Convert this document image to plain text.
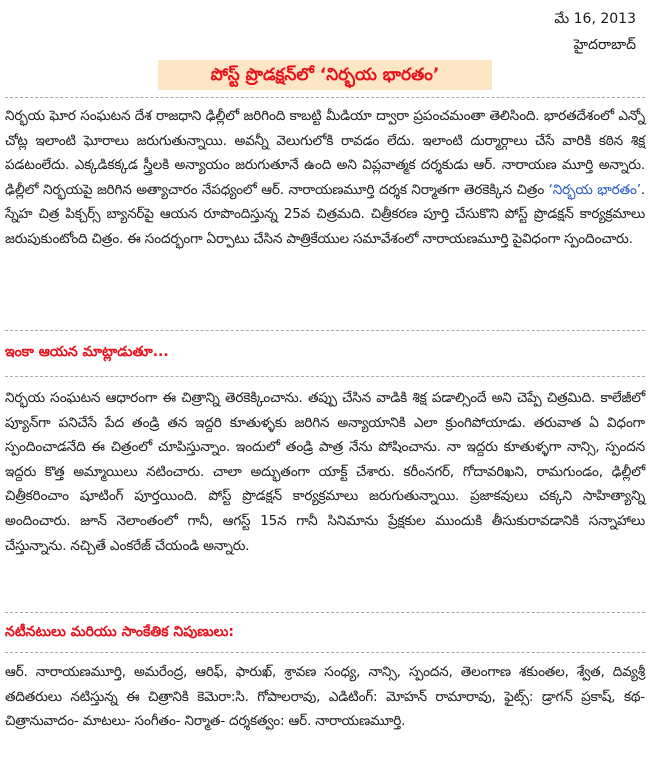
మే 16, 2013
హైదరాబాద్
పోస్ట్ ప్రొడక్షన్‌లో ‘నిర్భయ భారతం’

నిర్భయ ఘోర సంఘటన దేశ రాజధాని ఢిల్లీలో జరిగింది కాబట్టి మీడియా ద్వారా ప్రపంచమంతా తెలిసింది. భారతదేశంలో ఎన్నో చోట్ల ఇలాంటి ఘోరాలు జరుగుతున్నాయి. అవన్నీ వెలుగులోకి రావడం లేదు. ఇలాంటి దుర్మార్గాలు చేసే వారికి కఠిన శిక్ష పడటంలేదు. ఎక్కడికక్కడ స్త్రీలకి అన్యాయం జరుగుతూనే ఉంది అని విప్లవాత్మక దర్శకుడు ఆర్. నారాయణ మూర్తి అన్నారు. ఢిల్లీలో నిర్భయపై జరిగిన అత్యాచారం నేపధ్యంలో ఆర్. నారాయణమూర్తి దర్శక నిర్మాతగా తెరకెక్కిన చిత్రం ‘నిర్భయ భారతం’. స్నేహ చిత్ర పిక్చర్స్ బ్యానర్‌పై ఆయన రూపొందిస్తున్న 25వ చిత్రమది. చిత్రీకరణ పూర్తి చేసుకొని పోస్ట్ ప్రొడక్షన్ కార్యక్రమాలు జరుపుకుంటోంది చిత్రం. ఈ సందర్భంగా ఏర్పాటు చేసిన పాత్రికేయుల సమావేశంలో నారాయణమూర్తి పైవిధంగా స్పందించారు.

ఇంకా ఆయన మాట్లాడుతూ...

నిర్భయ సంఘటన ఆధారంగా ఈ చిత్రాన్ని తెరకెక్కించాను. తప్పు చేసిన వాడికి శిక్ష పడాల్సిందే అని చెప్పే చిత్రమిది. కాలేజీలో ప్యూన్‌గా పనిచేసే పేద తండ్రి తన ఇద్దరి కూతుళ్ళకు జరిగిన అన్యాయానికి ఎలా క్రుంగిపోయాడు. తరువాత ఏ విధంగా స్పందించాడనేది ఈ చిత్రంలో చూపిస్తున్నాం. ఇందులో తండ్రి పాత్ర నేను పోషించాను. నా ఇద్దరు కూతుళ్ళగా నాన్సి, స్పందన ఇద్దరు కొత్త అమ్మాయిలు నటించారు. చాలా అద్భుతంగా యాక్ట్ చేశారు. కరీంనగర్, గోదావరిఖని, రామగుండం, ఢిల్లీలో చిత్రీకరించాం షూటింగ్ పూర్తయింది. పోస్ట్ ప్రొడక్షన్ కార్యక్రమాలు జరుగుతున్నాయి. ప్రజాకవులు చక్కని సాహిత్యాన్ని అందించారు. జూన్ నెలాంతంలో గానీ, ఆగస్ట్ 15న గానీ సినిమాను ప్రేక్షకుల ముందుకి తీసుకురావడానికి సన్నాహాలు చేస్తున్నాను. నచ్చితే ఎంకరేజ్ చేయండి అన్నారు.

నటీనటులు మరియు సాంకేతిక నిపుణులు:

ఆర్. నారాయణమూర్తి, అమరేంద్ర, ఆరిఫ్, ఫారుఖ్, శ్రావణ సంధ్య, నాన్సి, స్పందన, తెలంగాణ శకుంతల, శ్వేత, దివ్యశ్రీ తదితరులు నటిస్తున్న ఈ చిత్రానికి కెమెరా:సి. గోపాలరావు, ఎడిటింగ్: మోహన్ రామారావు, ఫైట్స్: డ్రాగన్ ప్రకాష్, కథ-చిత్రానువాదం- మాటలు- సంగీతం- నిర్మాత- దర్శకత్వం: ఆర్. నారాయణమూర్తి.
